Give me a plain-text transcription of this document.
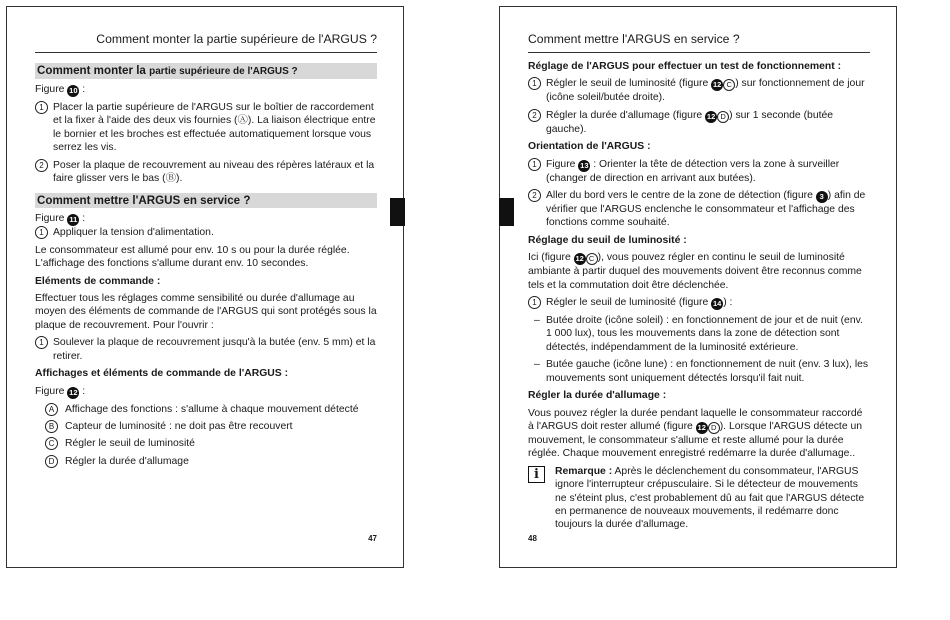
Comment monter la partie supérieure de l'ARGUS ?
Comment monter la partie supérieure de l'ARGUS ?

Figure 10 :

1 Placer la partie supérieure de l'ARGUS sur le boîtier de raccordement et la fixer à l'aide des deux vis fournies (Ⓐ). La liaison électrique entre le bornier et les broches est effectuée automatiquement lorsque vous serrez les vis.
2 Poser la plaque de recouvrement au niveau des répères latéraux et la faire glisser vers le bas (Ⓑ).
Comment mettre l'ARGUS en service ?

Figure 11 :

1 Appliquer la tension d'alimentation.

Le consommateur est allumé pour env. 10 s ou pour la durée réglée. L'affichage des fonctions s'allume durant env. 10 secondes.

Eléments de commande :

Effectuer tous les réglages comme sensibilité ou durée d'allumage au moyen des éléments de commande de l'ARGUS qui sont protégés sous la plaque de recouvrement. Pour l'ouvrir :

1 Soulever la plaque de recouvrement jusqu'à la butée (env. 5 mm) et la retirer.

Affichages et éléments de commande de l'ARGUS :

Figure 12 :

A	Affichage des fonctions : s'allume à chaque mouvement détecté
B	Capteur de luminosité : ne doit pas être recouvert
C	Régler le seuil de luminosité
D	Régler la durée d'allumage
47
Comment mettre l'ARGUS en service ?

Réglage de l'ARGUS pour effectuer un test de fonctionnement :

1 Régler le seuil de luminosité (figure 12 C ) sur fonctionnement de jour (icône soleil/butée droite).
2 Régler la durée d'allumage (figure 12 D ) sur 1 seconde (butée gauche).

Orientation de l'ARGUS :

1 Figure 13 : Orienter la tête de détection vers la zone à surveiller (changer de direction en arrivant aux butées).
2 Aller du bord vers le centre de la zone de détection (figure 3 ) afin de vérifier que l'ARGUS enclenche le consommateur et l'affichage des fonctions comme souhaité.

Réglage du seuil de luminosité :

Ici (figure 12 C ), vous pouvez régler en continu le seuil de luminosité ambiante à partir duquel des mouvements doivent être reconnus comme tels et la commutation doit être déclenchée.

1 Régler le seuil de luminosité (figure 14 ) :
– Butée droite (icône soleil) : en fonctionnement de jour et de nuit (env. 1 000 lux), tous les mouvements dans la zone de détection sont détectés, indépendamment de la luminosité extérieure.
– Butée gauche (icône lune) : en fonctionnement de nuit (env. 3 lux), les mouvements sont uniquement détectés lorsqu'il fait nuit.

Régler la durée d'allumage :

Vous pouvez régler la durée pendant laquelle le consommateur raccordé à l'ARGUS doit rester allumé (figure 12 D ). Lorsque l'ARGUS détecte un mouvement, le consommateur s'allume et reste allumé pour la durée réglée. Chaque mouvement enregistré redémarre la durée d'allumage..

i	Remarque : Après le déclenchement du consommateur, l'ARGUS ignore l'interrupteur crépusculaire. Si le détecteur de mouvements ne s'éteint plus, c'est probablement dû au fait que l'ARGUS détecte en permanence de nouveaux mouvements, il redémarre donc toujours la durée d'allumage.
48
